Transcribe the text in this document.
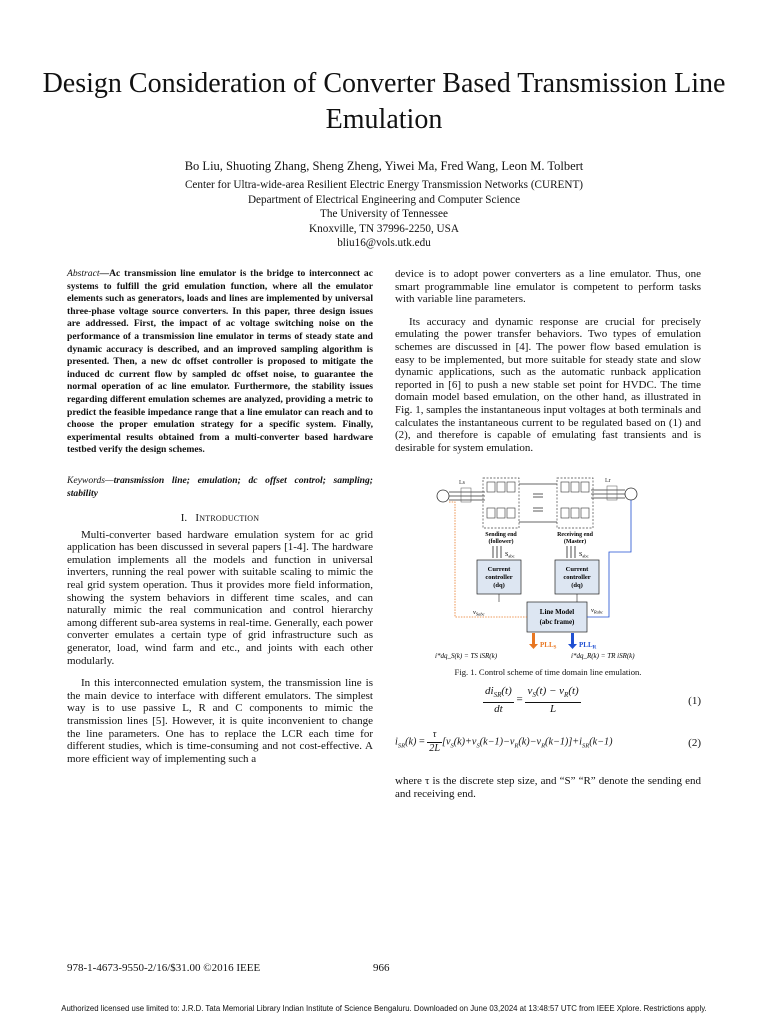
Design Consideration of Converter Based Transmission Line Emulation
Bo Liu, Shuoting Zhang, Sheng Zheng, Yiwei Ma, Fred Wang, Leon M. Tolbert
Center for Ultra-wide-area Resilient Electric Energy Transmission Networks (CURENT)
Department of Electrical Engineering and Computer Science
The University of Tennessee
Knoxville, TN 37996-2250, USA
bliu16@vols.utk.edu

Abstract—Ac transmission line emulator is the bridge to interconnect ac systems to fulfill the grid emulation function, where all the emulator elements such as generators, loads and lines are implemented by universal three-phase voltage source converters. In this paper, three design issues are addressed. First, the impact of ac voltage switching noise on the performance of a transmission line emulator in terms of steady state and dynamic accuracy is described, and an improved sampling algorithm is presented. Then, a new dc offset controller is proposed to mitigate the induced dc current flow by sampled dc offset noise, to guarantee the normal operation of ac line emulator. Furthermore, the stability issues regarding different emulation schemes are analyzed, providing a metric to predict the feasible impedance range that a line emulator can reach and to choose the proper emulation strategy for a specific system. Finally, experimental results obtained from a multi-converter based hardware testbed verify the design schemes.

Keywords—transmission line; emulation; dc offset control; sampling; stability

I. Introduction

Multi-converter based hardware emulation system for ac grid application has been discussed in several papers [1-4]. The hardware emulation implements all the models and function in universal inverters, running the real power with suitable scaling to mimic the real grid system operation. Thus it provides more field information, showing the system behaviors in different time scales, and can naturally mimic the real communication and control hierarchy among different sub-area systems in real-time. Generally, each power converter emulates a certain type of grid infrastructure such as generator, load, wind farm and etc., and joints with each other modularly.

In this interconnected emulation system, the transmission line is the main device to interface with different emulators. The simplest way is to use passive L, R and C components to mimic the transmission lines [5]. However, it is quite inconvenient to change the line parameters. One has to replace the LCR each time for different studies, which is time-consuming and not cost-effective. A more efficient way of implementing such a

device is to adopt power converters as a line emulator. Thus, one smart programmable line emulator is competent to perform tasks with variable line parameters.

Its accuracy and dynamic response are crucial for precisely emulating the power transfer behaviors. Two types of emulation schemes are discussed in [4]. The power flow based emulation is easy to be implemented, but more suitable for steady state and slow dynamic applications, such as the automatic runback application reported in [6] to push a new stable set point for HVDC. The time domain model based emulation, on the other hand, as illustrated in Fig. 1, samples the instantaneous input voltages at both terminals and calculates the instantaneous current to be regulated based on (1) and (2), and therefore is capable of emulating fast transients and is desirable for system emulation.

Ls	Lr
Sending end
(follower)
Receiving end
(Master)
$S_{abc}$	$S_{abc}$
Current
controller
(dq)
Current
controller
(dq)
Line Model
(abc frame)
$v_{Sabc}$	$v_{Rabc}$
$PLL_S$	$PLL_R$
i*dq_S(k) = TS iSR(k)	i*dq_R(k) = TR iSR(k)
Fig. 1. Control scheme of time domain line emulation.
$\frac{di_{SR}(t)}{dt} = \frac{v_S(t) - v_R(t)}{L}$	(1)
$i_{SR}(k) = \frac{\tau}{2L} [v_S(k)+v_S(k-1)-v_R(k)-v_R(k-1)]+i_{SR}(k-1)$	(2)

where τ is the discrete step size, and “S” “R” denote the sending end and receiving end.

978-1-4673-9550-2/16/$31.00 ©2016 IEEE	966
Authorized licensed use limited to: J.R.D. Tata Memorial Library Indian Institute of Science Bengaluru. Downloaded on June 03,2024 at 13:48:57 UTC from IEEE Xplore. Restrictions apply.
